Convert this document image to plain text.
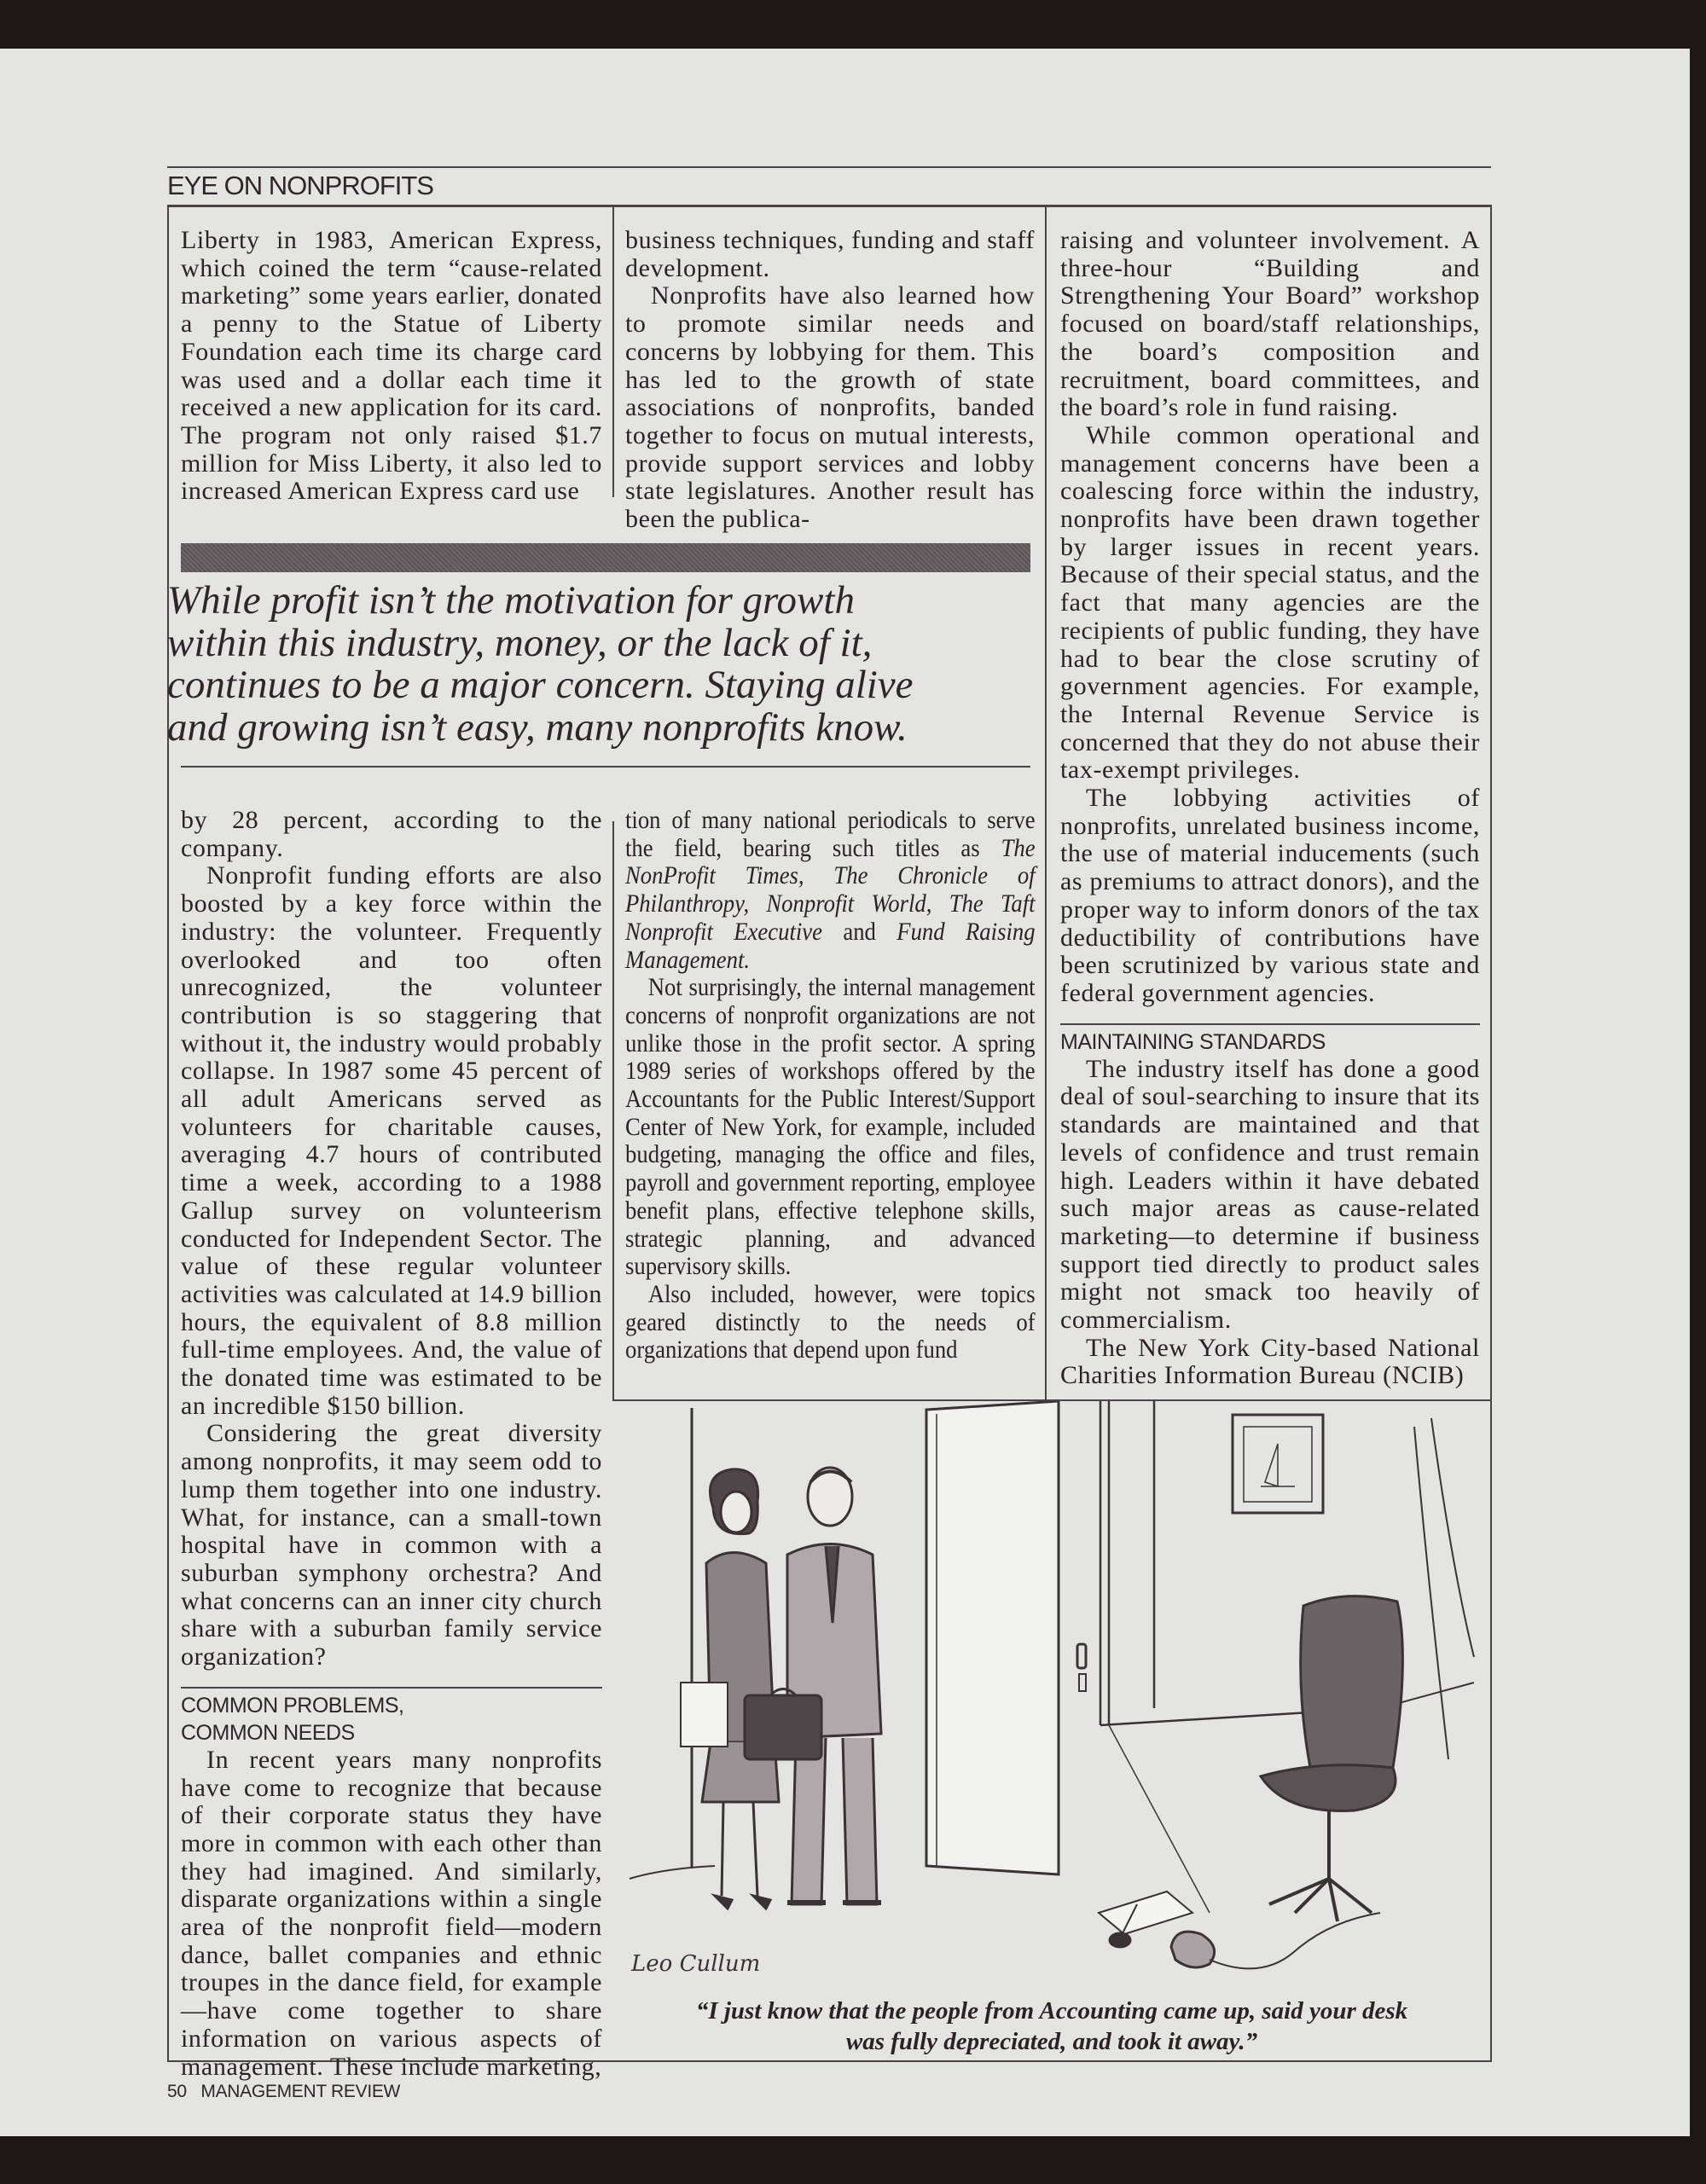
EYE ON NONPROFITS

Liberty in 1983, American Express, which coined the term “cause-related marketing” some years earlier, donated a penny to the Statue of Liberty Foundation each time its charge card was used and a dollar each time it received a new application for its card. The program not only raised $1.7 million for Miss Liberty, it also led to increased American Express card use

business techniques, funding and staff development.

Nonprofits have also learned how to promote similar needs and concerns by lobbying for them. This has led to the growth of state associations of nonprofits, banded together to focus on mutual interests, provide support services and lobby state legislatures. Another result has been the publica-

raising and volunteer involvement. A three-hour “Building and Strengthening Your Board” workshop focused on board/staff relationships, the board’s composition and recruitment, board committees, and the board’s role in fund raising.

While common operational and management concerns have been a coalescing force within the industry, nonprofits have been drawn together by larger issues in recent years. Because of their special status, and the fact that many agencies are the recipients of public funding, they have had to bear the close scrutiny of government agencies. For example, the Internal Revenue Service is concerned that they do not abuse their tax-exempt privileges.

The lobbying activities of nonprofits, unrelated business income, the use of material inducements (such as premiums to attract donors), and the proper way to inform donors of the tax deductibility of contributions have been scrutinized by various state and federal government agencies.

MAINTAINING STANDARDS

The industry itself has done a good deal of soul-searching to insure that its standards are maintained and that levels of confidence and trust remain high. Leaders within it have debated such major areas as cause-related marketing—to determine if business support tied directly to product sales might not smack too heavily of commercialism.

The New York City-based National Charities Information Bureau (NCIB)

While profit isn’t the motivation for growth
within this industry, money, or the lack of it,
continues to be a major concern. Staying alive
and growing isn’t easy, many nonprofits know.

by 28 percent, according to the company.

Nonprofit funding efforts are also boosted by a key force within the industry: the volunteer. Frequently overlooked and too often unrecognized, the volunteer contribution is so staggering that without it, the industry would probably collapse. In 1987 some 45 percent of all adult Americans served as volunteers for charitable causes, averaging 4.7 hours of contributed time a week, according to a 1988 Gallup survey on volunteerism conducted for Independent Sector. The value of these regular volunteer activities was calculated at 14.9 billion hours, the equivalent of 8.8 million full-time employees. And, the value of the donated time was estimated to be an incredible $150 billion.

Considering the great diversity among nonprofits, it may seem odd to lump them together into one industry. What, for instance, can a small-town hospital have in common with a suburban symphony orchestra? And what concerns can an inner city church share with a suburban family service organization?

COMMON PROBLEMS,
COMMON NEEDS

In recent years many nonprofits have come to recognize that because of their corporate status they have more in common with each other than they had imagined. And similarly, disparate organizations within a single area of the nonprofit field—modern dance, ballet companies and ethnic troupes in the dance field, for example—have come together to share information on various aspects of management. These include marketing,

tion of many national periodicals to serve the field, bearing such titles as The NonProfit Times, The Chronicle of Philanthropy, Nonprofit World, The Taft Nonprofit Executive and Fund Raising Management.

Not surprisingly, the internal management concerns of nonprofit organizations are not unlike those in the profit sector. A spring 1989 series of workshops offered by the Accountants for the Public Interest/Support Center of New York, for example, included budgeting, managing the office and files, payroll and government reporting, employee benefit plans, effective telephone skills, strategic planning, and advanced supervisory skills.

Also included, however, were topics geared distinctly to the needs of organizations that depend upon fund

Leo Cullum
“I just know that the people from Accounting came up, said your desk
was fully depreciated, and took it away.”
50 MANAGEMENT REVIEW
